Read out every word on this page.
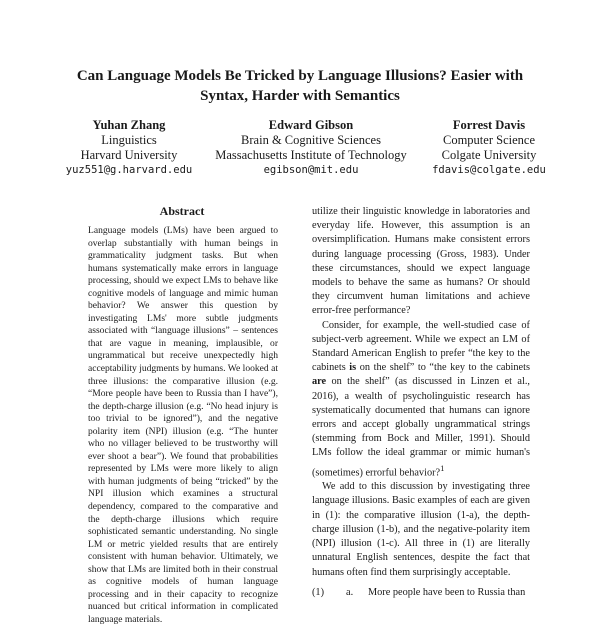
Can Language Models Be Tricked by Language Illusions? Easier with Syntax, Harder with Semantics
Yuhan Zhang
Linguistics
Harvard University
yuz551@g.harvard.edu
Edward Gibson
Brain & Cognitive Sciences
Massachusetts Institute of Technology
egibson@mit.edu
Forrest Davis
Computer Science
Colgate University
fdavis@colgate.edu
Abstract
Language models (LMs) have been argued to overlap substantially with human beings in grammaticality judgment tasks. But when humans systematically make errors in language processing, should we expect LMs to behave like cognitive models of language and mimic human behavior? We answer this question by investigating LMs' more subtle judgments associated with “language illusions” – sentences that are vague in meaning, implausible, or ungrammatical but receive unexpectedly high acceptability judgments by humans. We looked at three illusions: the comparative illusion (e.g. “More people have been to Russia than I have”), the depth-charge illusion (e.g. “No head injury is too trivial to be ignored”), and the negative polarity item (NPI) illusion (e.g. “The hunter who no villager believed to be trustworthy will ever shoot a bear”). We found that probabilities represented by LMs were more likely to align with human judgments of being “tricked” by the NPI illusion which examines a structural dependency, compared to the comparative and the depth-charge illusions which require sophisticated semantic understanding. No single LM or metric yielded results that are entirely consistent with human behavior. Ultimately, we show that LMs are limited both in their construal as cognitive models of human language processing and in their capacity to recognize nuanced but critical information in complicated language materials.

utilize their linguistic knowledge in laboratories and everyday life. However, this assumption is an oversimplification. Humans make consistent errors during language processing (Gross, 1983). Under these circumstances, should we expect language models to behave the same as humans? Or should they circumvent human limitations and achieve error-free performance?

Consider, for example, the well-studied case of subject-verb agreement. While we expect an LM of Standard American English to prefer “the key to the cabinets is on the shelf” to “the key to the cabinets are on the shelf” (as discussed in Linzen et al., 2016), a wealth of psycholinguistic research has systematically documented that humans can ignore errors and accept globally ungrammatical strings (stemming from Bock and Miller, 1991). Should LMs follow the ideal grammar or mimic human's (sometimes) errorful behavior?$^1$

We add to this discussion by investigating three language illusions. Basic examples of each are given in (1): the comparative illusion (1-a), the depth-charge illusion (1-b), and the negative-polarity item (NPI) illusion (1-c). All three in (1) are literally unnatural English sentences, despite the fact that humans often find them surprisingly acceptable.

(1)	a.	More people have been to Russia than
